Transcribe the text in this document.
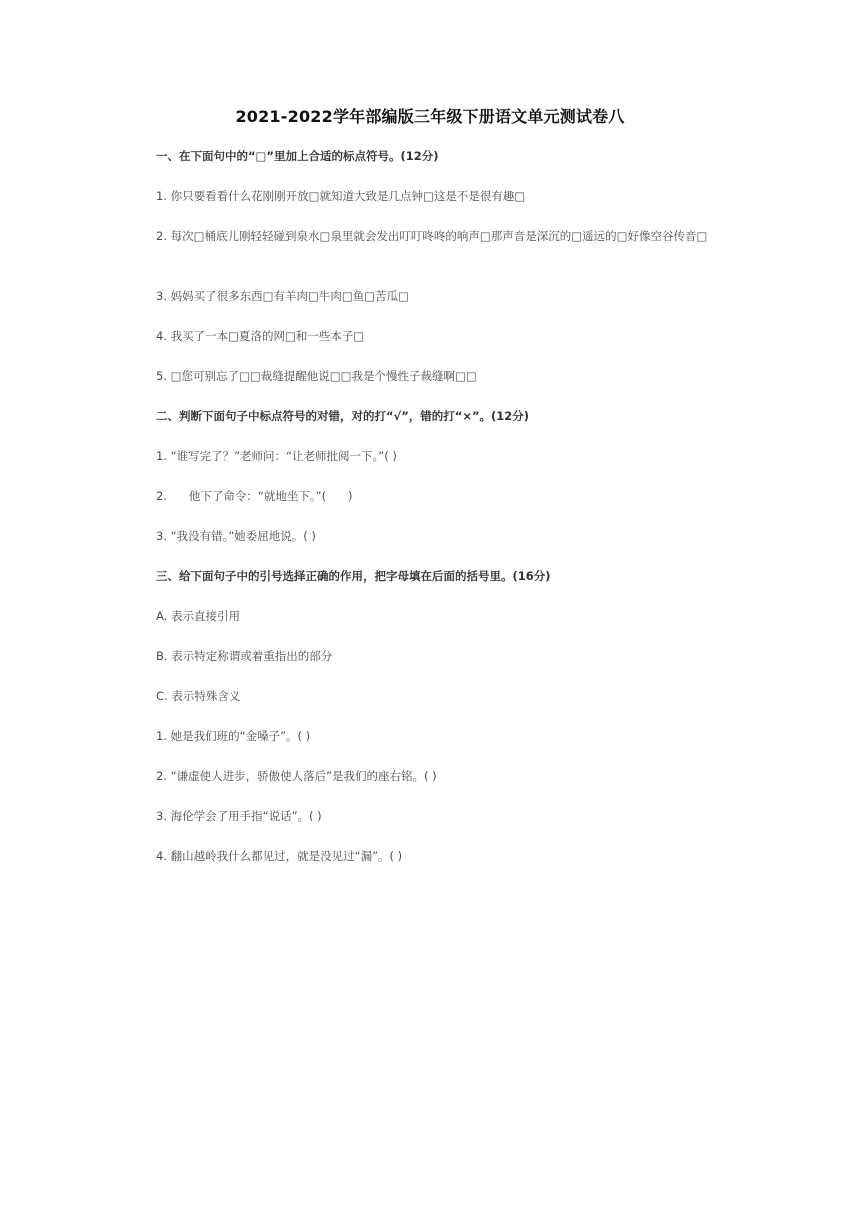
2021-2022学年部编版三年级下册语文单元测试卷八
一、在下面句中的“□”里加上合适的标点符号。(12分)
1. 你只要看看什么花刚刚开放□就知道大致是几点钟□这是不是很有趣□
2. 每次□桶底儿刚轻轻碰到泉水□泉里就会发出叮叮咚咚的响声□那声音是深沉的□遥远的□好像空谷传音□
3. 妈妈买了很多东西□有羊肉□牛肉□鱼□苦瓜□
4. 我买了一本□夏洛的网□和一些本子□
5. □您可别忘了□□裁缝提醒他说□□我是个慢性子裁缝啊□□
二、判断下面句子中标点符号的对错，对的打“√”，错的打“×”。(12分)
1. “谁写完了？”老师问：“让老师批阅一下。”( )
2.      他下了命令：“就地坐下。”(      )
3. “我没有错。”她委屈地说。( )
三、给下面句子中的引号选择正确的作用，把字母填在后面的括号里。(16分)
A. 表示直接引用
B. 表示特定称谓或着重指出的部分
C. 表示特殊含义
1. 她是我们班的“金嗓子”。( )
2. “谦虚使人进步，骄傲使人落后”是我们的座右铭。( )
3. 海伦学会了用手指“说话”。( )
4. 翻山越岭我什么都见过，就是没见过“漏”。( )
